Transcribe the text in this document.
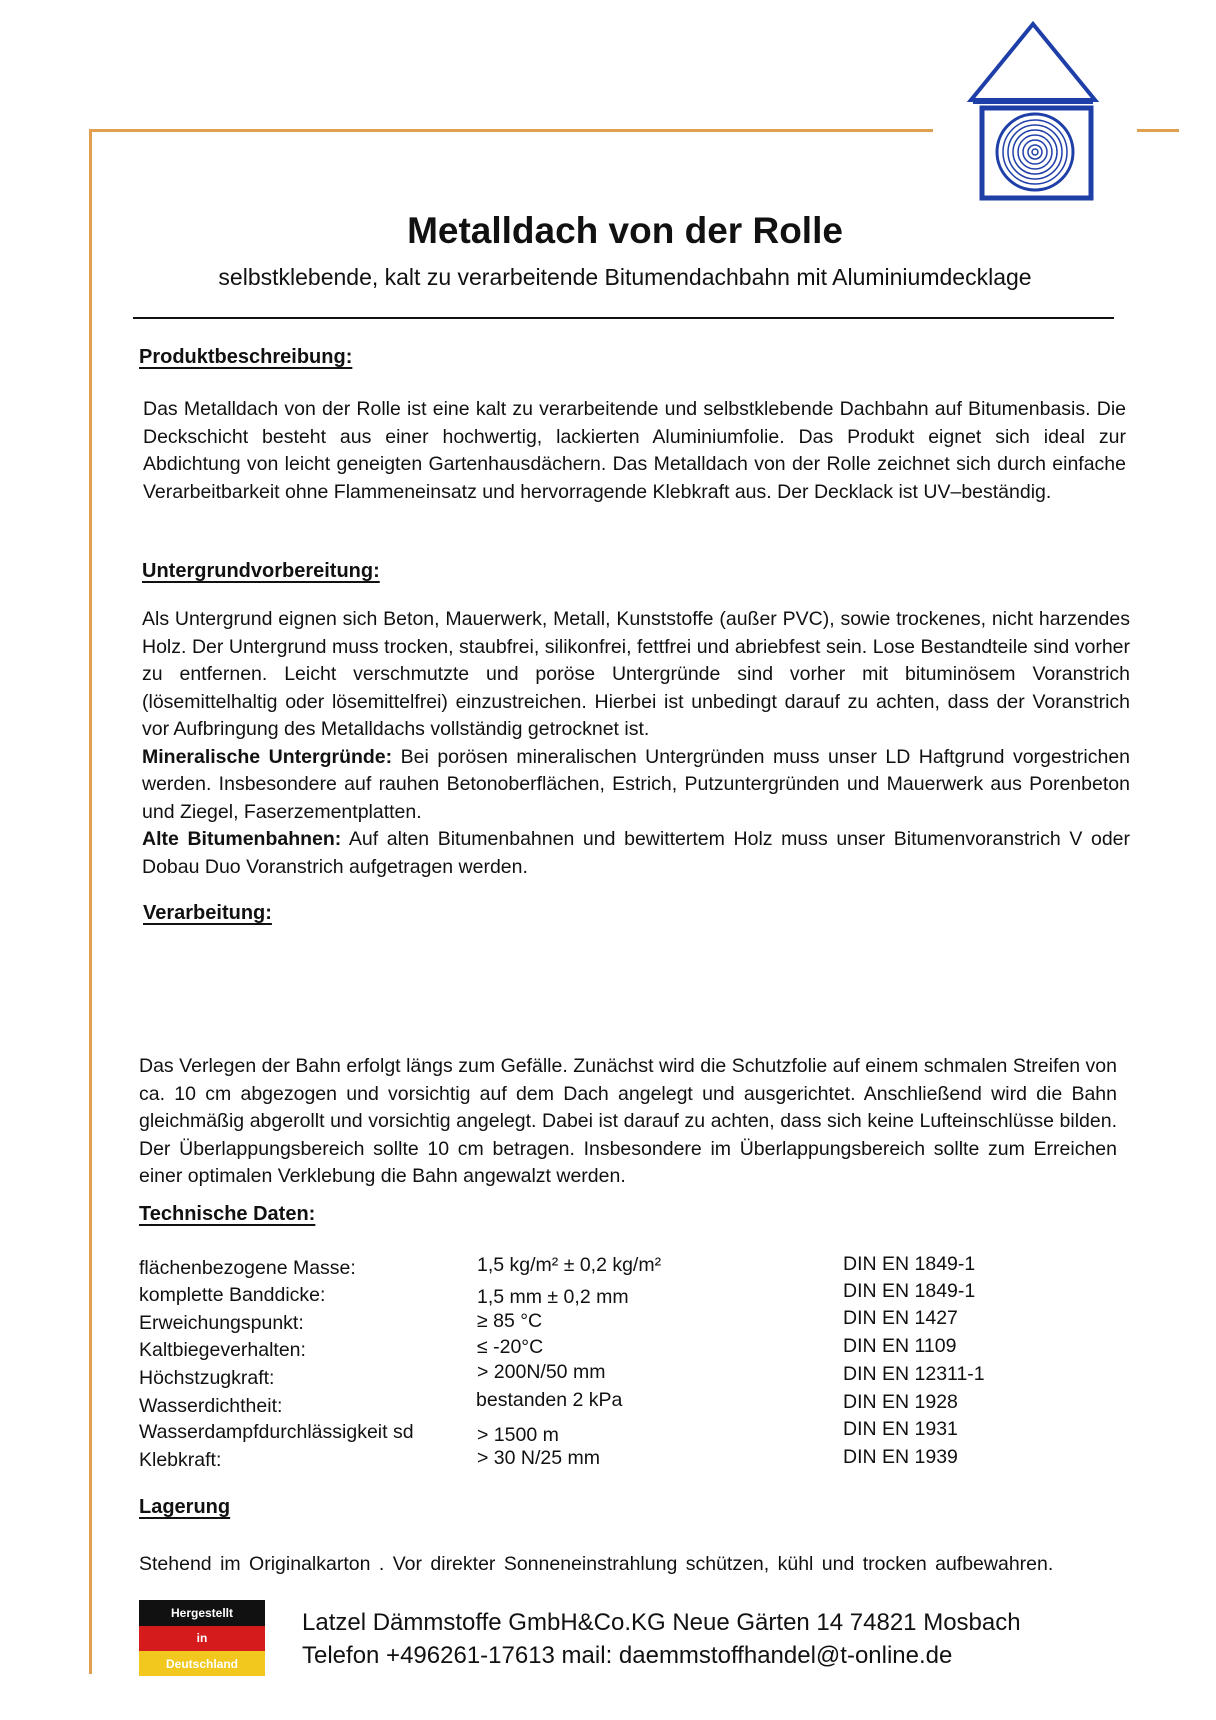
Metalldach von der Rolle
selbstklebende, kalt zu verarbeitende Bitumendachbahn mit Aluminiumdecklage
Produktbeschreibung:
Das Metalldach von der Rolle ist eine kalt zu verarbeitende und selbstklebende Dachbahn auf Bitumenbasis. Die Deckschicht besteht aus einer hochwertig, lackierten Aluminiumfolie. Das Produkt eignet sich ideal zur Abdichtung von leicht geneigten Gartenhausdächern. Das Metalldach von der Rolle zeichnet sich durch einfache Verarbeitbarkeit ohne Flammeneinsatz und hervorragende Klebkraft aus. Der Decklack ist UV–beständig.
Untergrundvorbereitung:
Als Untergrund eignen sich Beton, Mauerwerk, Metall, Kunststoffe (außer PVC), sowie trockenes, nicht harzendes Holz. Der Untergrund muss trocken, staubfrei, silikonfrei, fettfrei und abriebfest sein. Lose Bestandteile sind vorher zu entfernen. Leicht verschmutzte und poröse Untergründe sind vorher mit bituminösem Voranstrich (lösemittelhaltig oder lösemittelfrei) einzustreichen. Hierbei ist unbedingt darauf zu achten, dass der Voranstrich vor Aufbringung des Metalldachs vollständig getrocknet ist.
Mineralische Untergründe: Bei porösen mineralischen Untergründen muss unser LD Haftgrund vorgestrichen werden. Insbesondere auf rauhen Betonoberflächen, Estrich, Putzuntergründen und Mauerwerk aus Porenbeton und Ziegel, Faserzementplatten.
Alte Bitumenbahnen: Auf alten Bitumenbahnen und bewittertem Holz muss unser Bitumenvoranstrich V oder Dobau Duo Voranstrich aufgetragen werden.
Verarbeitung:
Das Verlegen der Bahn erfolgt längs zum Gefälle. Zunächst wird die Schutzfolie auf einem schmalen Streifen von ca. 10 cm abgezogen und vorsichtig auf dem Dach angelegt und ausgerichtet. Anschließend wird die Bahn gleichmäßig abgerollt und vorsichtig angelegt. Dabei ist darauf zu achten, dass sich keine Lufteinschlüsse bilden. Der Überlappungsbereich sollte 10 cm betragen. Insbesondere im Überlappungsbereich sollte zum Erreichen einer optimalen Verklebung die Bahn angewalzt werden.
Technische Daten:
flächenbezogene Masse:	1,5 kg/m² ± 0,2 kg/m²	DIN EN 1849-1
komplette Banddicke:	1,5 mm ± 0,2 mm	DIN EN 1849-1
Erweichungspunkt:	≥ 85 °C	DIN EN 1427
Kaltbiegeverhalten:	≤ -20°C	DIN EN 1109
Höchstzugkraft:	> 200N/50 mm	DIN EN 12311-1
Wasserdichtheit:	bestanden 2 kPa	DIN EN 1928
Wasserdampfdurchlässigkeit sd	> 1500 m	DIN EN 1931
Klebkraft:	> 30 N/25 mm	DIN EN 1939
Lagerung
Stehend im Originalkarton . Vor direkter Sonneneinstrahlung schützen, kühl und trocken aufbewahren.
Hergestellt
in
Deutschland
Latzel Dämmstoffe GmbH&Co.KG Neue Gärten 14 74821 Mosbach
Telefon +496261-17613 mail: daemmstoffhandel@t-online.de
